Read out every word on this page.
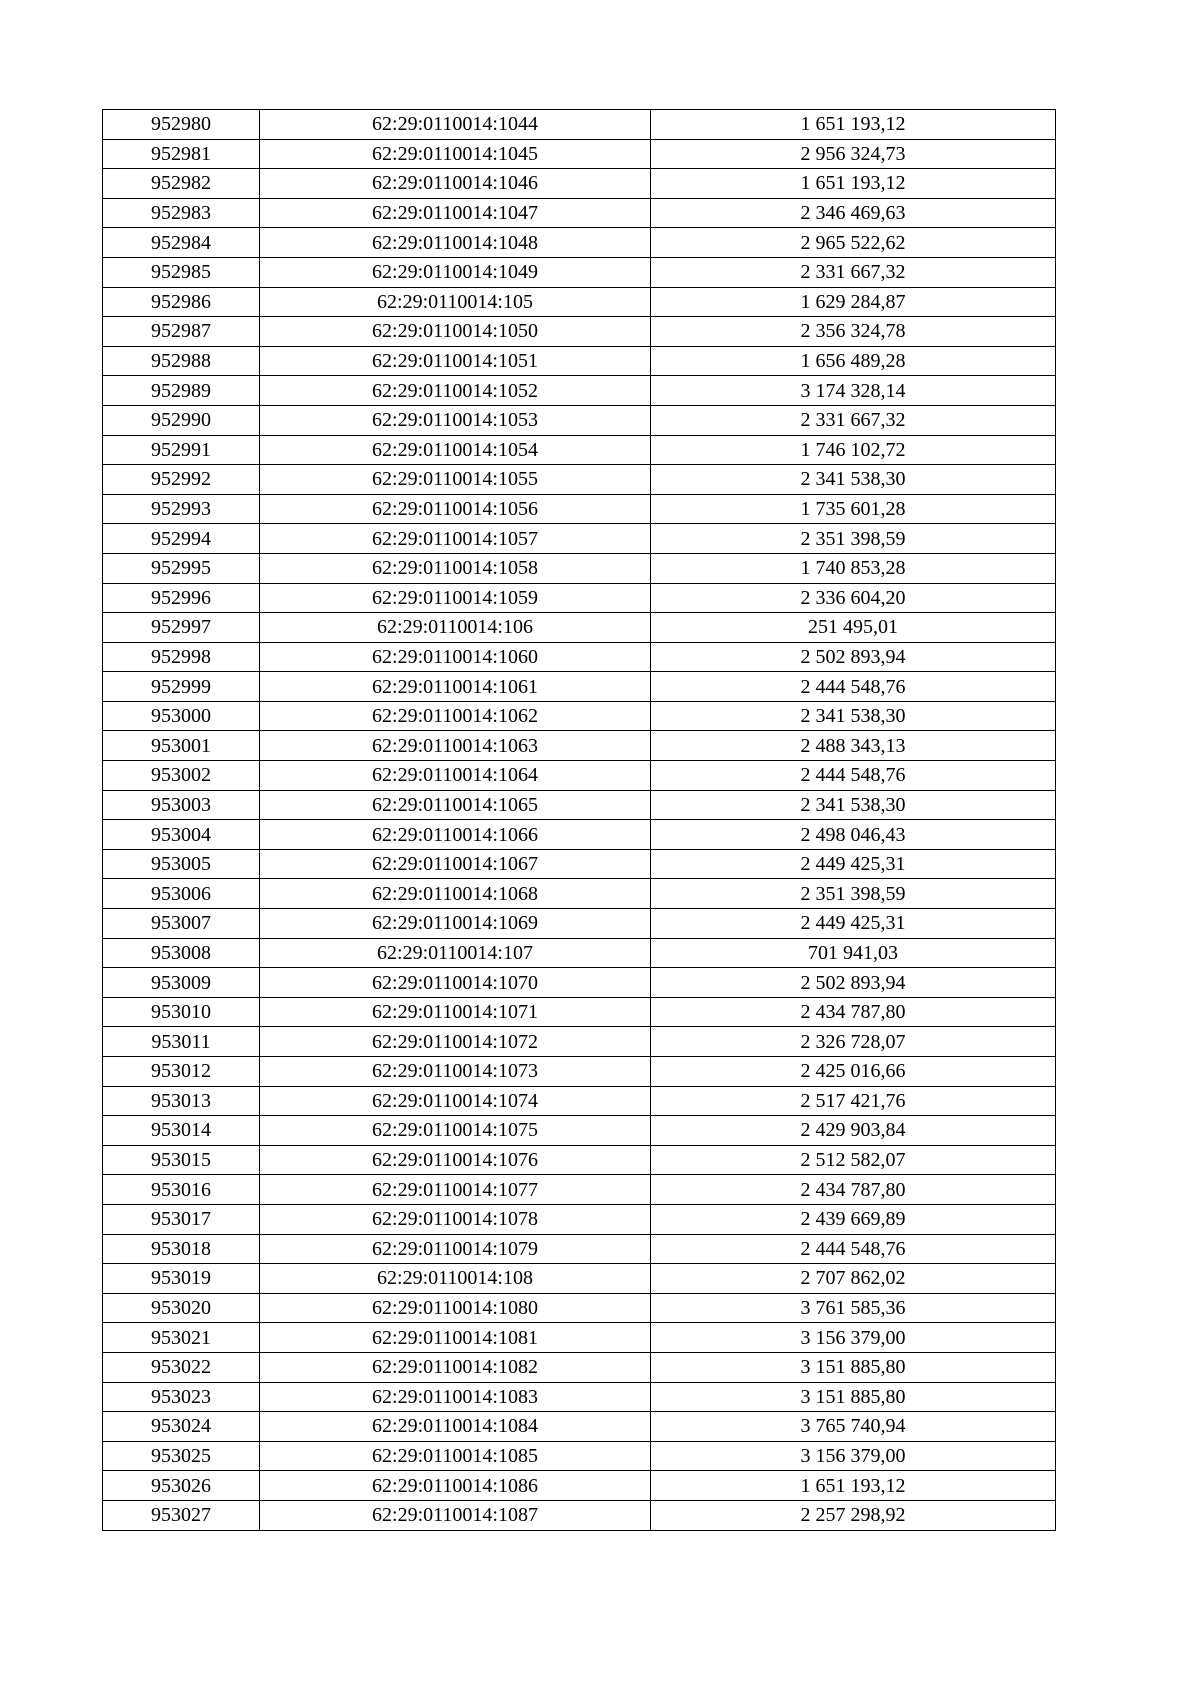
952980	62:29:0110014:1044	1 651 193,12
952981	62:29:0110014:1045	2 956 324,73
952982	62:29:0110014:1046	1 651 193,12
952983	62:29:0110014:1047	2 346 469,63
952984	62:29:0110014:1048	2 965 522,62
952985	62:29:0110014:1049	2 331 667,32
952986	62:29:0110014:105	1 629 284,87
952987	62:29:0110014:1050	2 356 324,78
952988	62:29:0110014:1051	1 656 489,28
952989	62:29:0110014:1052	3 174 328,14
952990	62:29:0110014:1053	2 331 667,32
952991	62:29:0110014:1054	1 746 102,72
952992	62:29:0110014:1055	2 341 538,30
952993	62:29:0110014:1056	1 735 601,28
952994	62:29:0110014:1057	2 351 398,59
952995	62:29:0110014:1058	1 740 853,28
952996	62:29:0110014:1059	2 336 604,20
952997	62:29:0110014:106	251 495,01
952998	62:29:0110014:1060	2 502 893,94
952999	62:29:0110014:1061	2 444 548,76
953000	62:29:0110014:1062	2 341 538,30
953001	62:29:0110014:1063	2 488 343,13
953002	62:29:0110014:1064	2 444 548,76
953003	62:29:0110014:1065	2 341 538,30
953004	62:29:0110014:1066	2 498 046,43
953005	62:29:0110014:1067	2 449 425,31
953006	62:29:0110014:1068	2 351 398,59
953007	62:29:0110014:1069	2 449 425,31
953008	62:29:0110014:107	701 941,03
953009	62:29:0110014:1070	2 502 893,94
953010	62:29:0110014:1071	2 434 787,80
953011	62:29:0110014:1072	2 326 728,07
953012	62:29:0110014:1073	2 425 016,66
953013	62:29:0110014:1074	2 517 421,76
953014	62:29:0110014:1075	2 429 903,84
953015	62:29:0110014:1076	2 512 582,07
953016	62:29:0110014:1077	2 434 787,80
953017	62:29:0110014:1078	2 439 669,89
953018	62:29:0110014:1079	2 444 548,76
953019	62:29:0110014:108	2 707 862,02
953020	62:29:0110014:1080	3 761 585,36
953021	62:29:0110014:1081	3 156 379,00
953022	62:29:0110014:1082	3 151 885,80
953023	62:29:0110014:1083	3 151 885,80
953024	62:29:0110014:1084	3 765 740,94
953025	62:29:0110014:1085	3 156 379,00
953026	62:29:0110014:1086	1 651 193,12
953027	62:29:0110014:1087	2 257 298,92
